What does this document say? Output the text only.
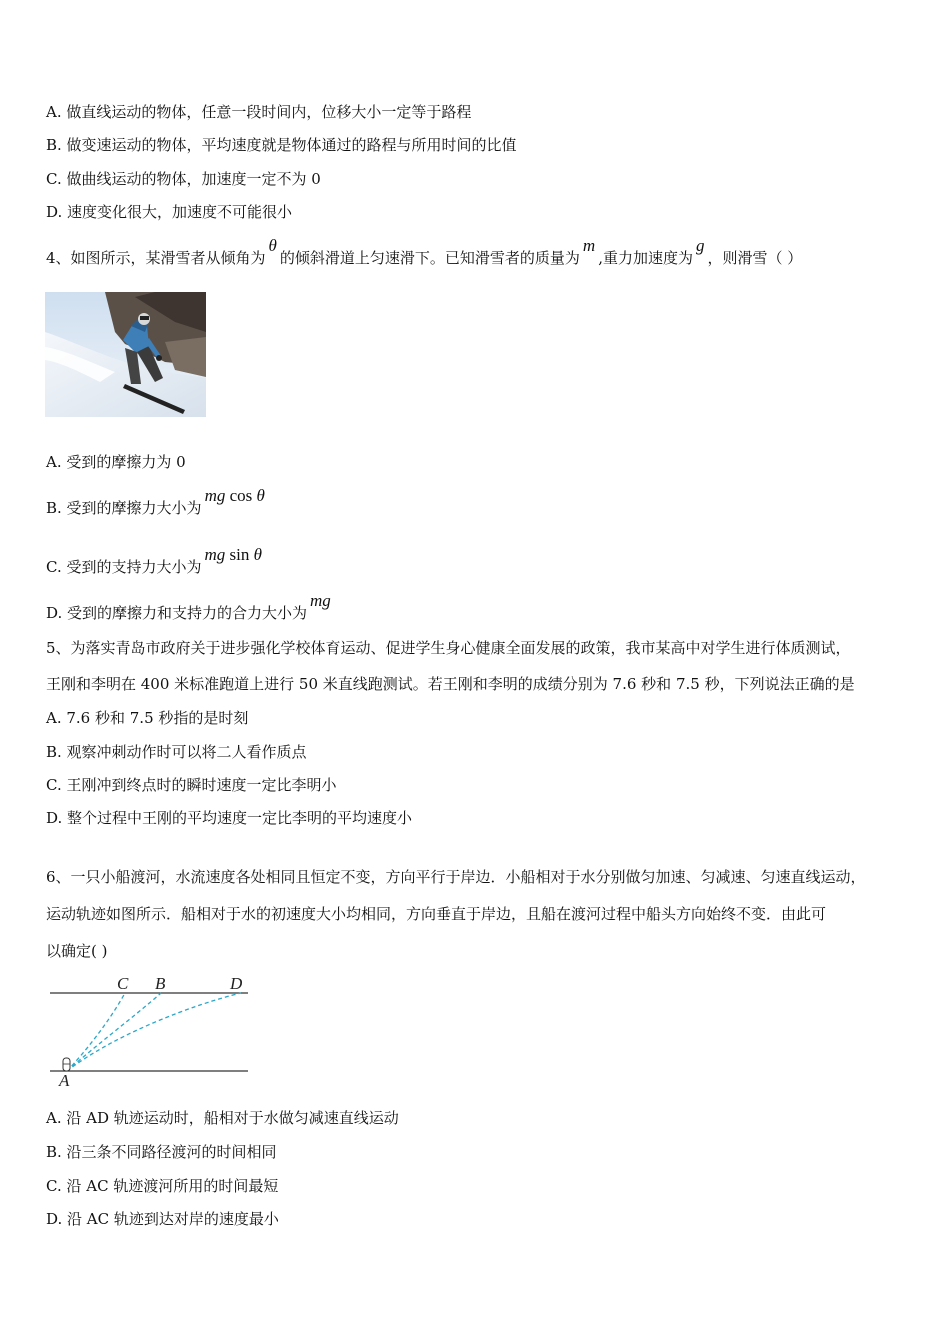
A. 做直线运动的物体，任意一段时间内，位移大小一定等于路程
B. 做变速运动的物体，平均速度就是物体通过的路程与所用时间的比值
C. 做曲线运动的物体，加速度一定不为 0
D. 速度变化很大，加速度不可能很小
4、如图所示，某滑雪者从倾角为θ的倾斜滑道上匀速滑下。已知滑雪者的质量为m,重力加速度为g，则滑雪（ ）
A. 受到的摩擦力为 0
B. 受到的摩擦力大小为mg cos θ
C. 受到的支持力大小为mg sin θ
D. 受到的摩擦力和支持力的合力大小为mg
5、为落实青岛市政府关于进步强化学校体育运动、促进学生身心健康全面发展的政策，我市某高中对学生进行体质测试，
王刚和李明在 400 米标准跑道上进行 50 米直线跑测试。若王刚和李明的成绩分别为 7.6 秒和 7.5 秒，下列说法正确的是
A. 7.6 秒和 7.5 秒指的是时刻
B. 观察冲刺动作时可以将二人看作质点
C. 王刚冲到终点时的瞬时速度一定比李明小
D. 整个过程中王刚的平均速度一定比李明的平均速度小
6、一只小船渡河，水流速度各处相同且恒定不变，方向平行于岸边．小船相对于水分别做匀加速、匀减速、匀速直线运动，
运动轨迹如图所示．船相对于水的初速度大小均相同，方向垂直于岸边，且船在渡河过程中船头方向始终不变．由此可
以确定( )
C B	D
A
A. 沿 AD 轨迹运动时，船相对于水做匀减速直线运动
B. 沿三条不同路径渡河的时间相同
C. 沿 AC 轨迹渡河所用的时间最短
D. 沿 AC 轨迹到达对岸的速度最小
